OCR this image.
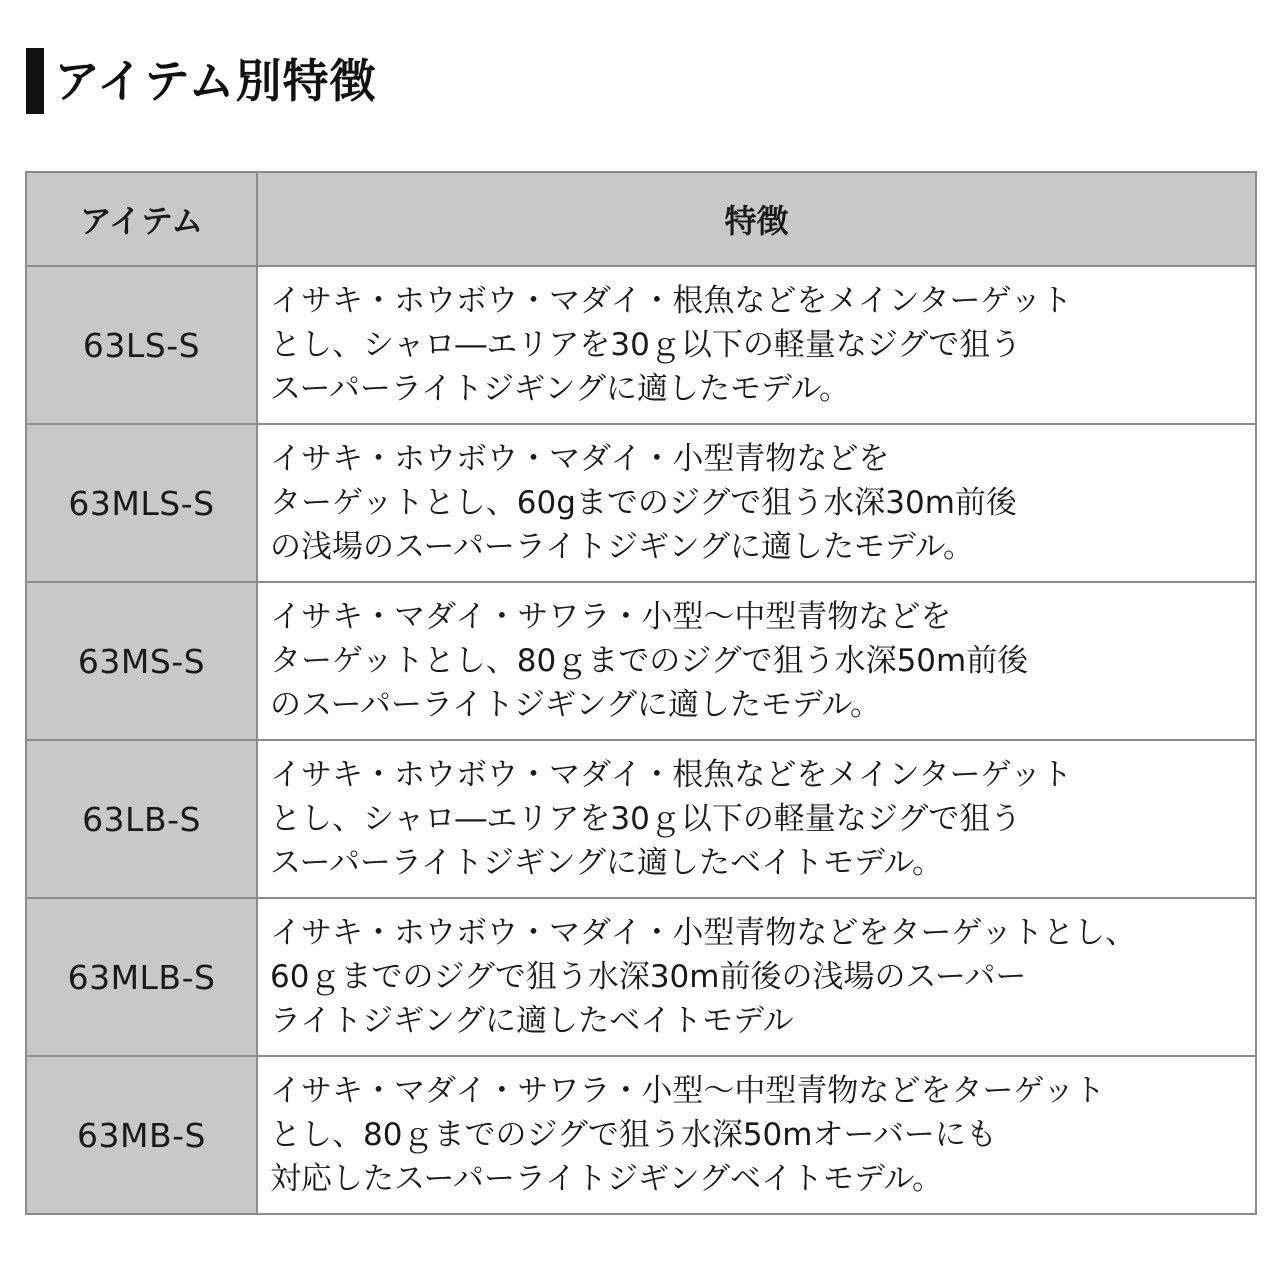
アイテム別特徴
アイテム	特徴
63LS-S	イサキ・ホウボウ・マダイ・根魚などをメインターゲット
とし、シャロ―エリアを30ｇ以下の軽量なジグで狙う
スーパーライトジギングに適したモデル。

63MLS-S	イサキ・ホウボウ・マダイ・小型青物などを
ターゲットとし、60gまでのジグで狙う水深30m前後
の浅場のスーパーライトジギングに適したモデル。

63MS-S	イサキ・マダイ・サワラ・小型～中型青物などを
ターゲットとし、80ｇまでのジグで狙う水深50m前後
のスーパーライトジギングに適したモデル。

63LB-S	イサキ・ホウボウ・マダイ・根魚などをメインターゲット
とし、シャロ―エリアを30ｇ以下の軽量なジグで狙う
スーパーライトジギングに適したベイトモデル。

63MLB-S	イサキ・ホウボウ・マダイ・小型青物などをターゲットとし、
60ｇまでのジグで狙う水深30m前後の浅場のスーパー
ライトジギングに適したベイトモデル

63MB-S	イサキ・マダイ・サワラ・小型～中型青物などをターゲット
とし、80ｇまでのジグで狙う水深50mオーバーにも
対応したスーパーライトジギングベイトモデル。
